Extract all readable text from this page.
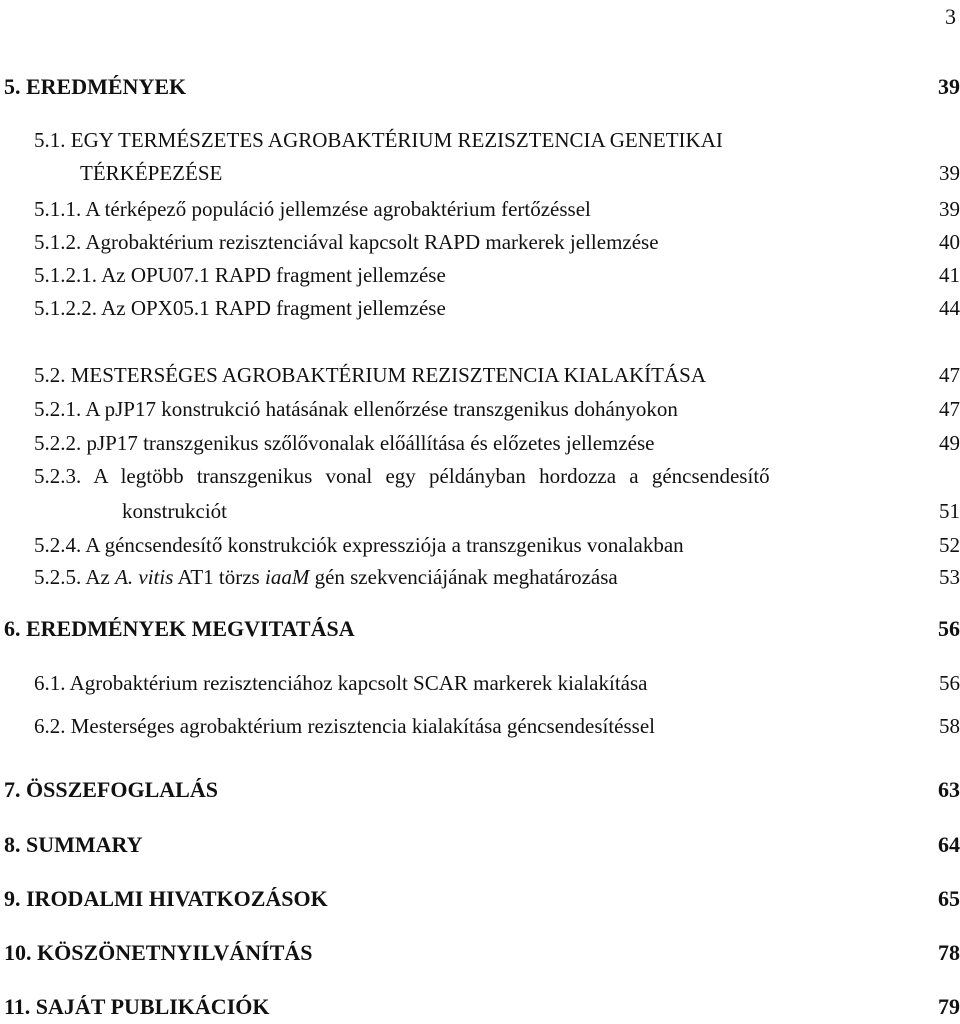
3
5. EREDMÉNYEK	39
5.1. EGY TERMÉSZETES AGROBAKTÉRIUM REZISZTENCIA GENETIKAI
TÉRKÉPEZÉSE	39
5.1.1. A térképező populáció jellemzése agrobaktérium fertőzéssel	39
5.1.2. Agrobaktérium rezisztenciával kapcsolt RAPD markerek jellemzése	40
5.1.2.1. Az OPU07.1 RAPD fragment jellemzése	41
5.1.2.2. Az OPX05.1 RAPD fragment jellemzése	44
5.2. MESTERSÉGES AGROBAKTÉRIUM REZISZTENCIA KIALAKÍTÁSA	47
5.2.1. A pJP17 konstrukció hatásának ellenőrzése transzgenikus dohányokon	47
5.2.2. pJP17 transzgenikus szőlővonalak előállítása és előzetes jellemzése	49
5.2.3. A legtöbb transzgenikus vonal egy példányban hordozza a géncsendesítő
konstrukciót	51
5.2.4. A géncsendesítő konstrukciók expressziója a transzgenikus vonalakban	52
5.2.5. Az A. vitis AT1 törzs iaaM gén szekvenciájának meghatározása	53
6. EREDMÉNYEK MEGVITATÁSA	56
6.1. Agrobaktérium rezisztenciához kapcsolt SCAR markerek kialakítása	56
6.2. Mesterséges agrobaktérium rezisztencia kialakítása géncsendesítéssel	58
7. ÖSSZEFOGLALÁS	63
8. SUMMARY	64
9. IRODALMI HIVATKOZÁSOK	65
10. KÖSZÖNETNYILVÁNÍTÁS	78
11. SAJÁT PUBLIKÁCIÓK	79
